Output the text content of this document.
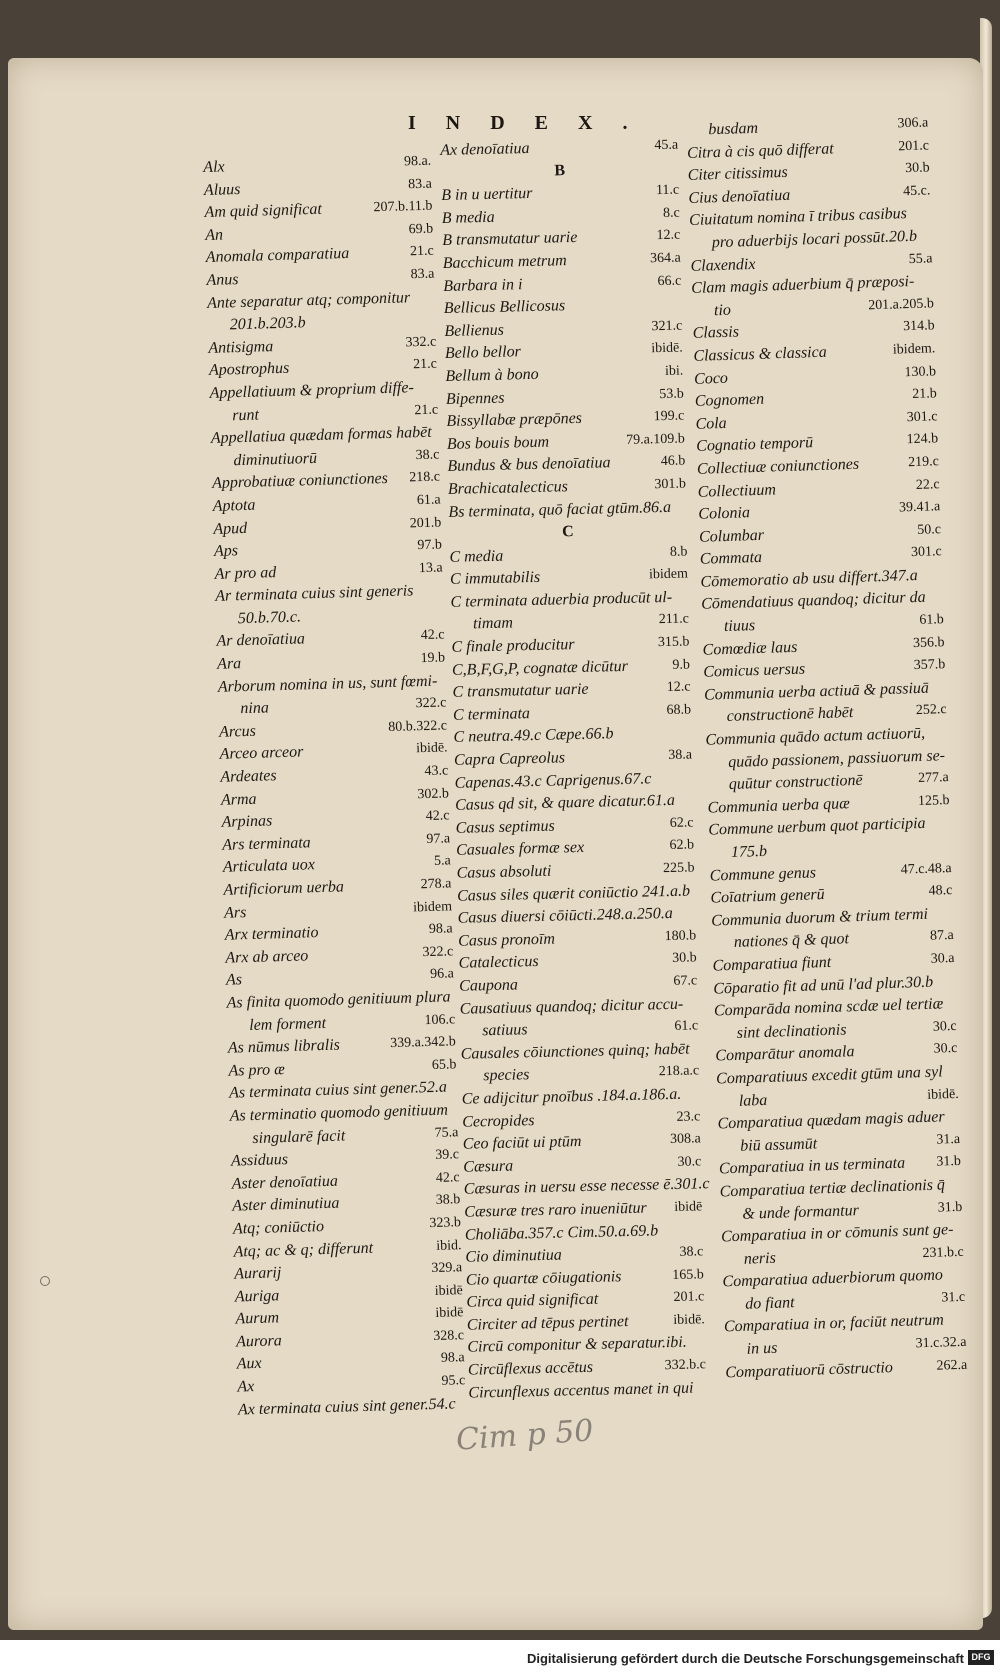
INDEX.
Alx	98.a.
Aluus	83.a
Am quid significat	207.b.11.b
An	69.b
Anomala comparatiua	21.c
Anus	83.a
Ante separatur atq; componitur
201.b.203.b
Antisigma	332.c
Apostrophus	21.c
Appellatiuum & proprium diffe-
runt	21.c
Appellatiua quædam formas habēt
diminutiuorū	38.c
Approbatiuæ coniunctiones 218.c
Aptota	61.a
Apud	201.b
Aps	97.b
Ar pro ad	13.a
Ar terminata cuius sint generis
50.b.70.c.
Ar denoīatiua	42.c
Ara	19.b
Arborum nomina in us, sunt fœmi-
nina	322.c
Arcus	80.b.322.c
Arceo arceor	ibidē.
Ardeates	43.c
Arma	302.b
Arpinas	42.c
Ars terminata	97.a
Articulata uox	5.a
Artificiorum uerba	278.a
Ars	ibidem
Arx terminatio	98.a
Arx ab arceo	322.c
As	96.a
As finita quomodo genitiuum plura
lem forment	106.c
As nūmus libralis	339.a.342.b
As pro æ	65.b
As terminata cuius sint gener.52.a
As terminatio quomodo genitiuum
singularē facit	75.a
Assiduus	39.c
Aster denoīatiua	42.c
Aster diminutiua	38.b
Atq; coniūctio	323.b
Atq; ac & q; differunt	ibid.
Aurarij	329.a
Auriga	ibidē
Aurum	ibidē
Aurora	328.c
Aux	98.a
Ax	95.c
Ax terminata cuius sint gener.54.c
Ax denoīatiua	45.a
B
B in u uertitur	11.c
B media	8.c
B transmutatur uarie	12.c
Bacchicum metrum	364.a
Barbara in i	66.c
Bellicus Bellicosus
Bellienus	321.c
Bello bellor	ibidē.
Bellum à bono	ibi.
Bipennes	53.b
Bissyllabæ præpōnes	199.c
Bos bouis boum	79.a.109.b
Bundus & bus denoīatiua	46.b
Brachicatalecticus	301.b
Bs terminata, quō faciat gtūm.86.a
C
C media	8.b
C immutabilis	ibidem
C terminata aduerbia producūt ul-
timam	211.c
C finale producitur	315.b
C,B,F,G,P, cognatæ dicūtur	9.b
C transmutatur uarie	12.c
C terminata	68.b
C neutra.49.c Cæpe.66.b
Capra Capreolus	38.a
Capenas.43.c Caprigenus.67.c
Casus qd sit, & quare dicatur.61.a
Casus septimus	62.c
Casuales formæ sex	62.b
Casus absoluti	225.b
Casus siles quærit coniūctio 241.a.b
Casus diuersi cōiūcti.248.a.250.a
Casus pronoīm	180.b
Catalecticus	30.b
Caupona	67.c
Causatiuus quandoq; dicitur accu-
satiuus	61.c
Causales cōiunctiones quinq; habēt
species	218.a.c
Ce adijcitur pnoībus .184.a.186.a.
Cecropides	23.c
Ceo faciūt ui ptūm	308.a
Cæsura	30.c
Cæsuras in uersu esse necesse ē.301.c
Cæsuræ tres raro inueniūtur ibidē
Choliāba.357.c Cim.50.a.69.b
Cio diminutiua	38.c
Cio quartæ cōiugationis	165.b
Circa quid significat	201.c
Circiter ad tēpus pertinet	ibidē.
Circū componitur & separatur.ibi.
Circūflexus accētus	332.b.c
Circunflexus accentus manet in qui
busdam	306.a
Citra à cis quō differat	201.c
Citer citissimus	30.b
Cius denoīatiua	45.c.
Ciuitatum nomina ī tribus casibus
pro aduerbijs locari possūt.20.b
Claxendix	55.a
Clam magis aduerbium q̄ præposi-
tio	201.a.205.b
Classis	314.b
Classicus & classica	ibidem.
Coco	130.b
Cognomen	21.b
Cola	301.c
Cognatio temporū	124.b
Collectiuæ coniunctiones	219.c
Collectiuum	22.c
Colonia	39.41.a
Columbar	50.c
Commata	301.c
Cōmemoratio ab usu differt.347.a
Cōmendatiuus quandoq; dicitur da
tiuus	61.b
Comœdiæ laus	356.b
Comicus uersus	357.b
Communia uerba actiuā & passiuā
constructionē habēt	252.c
Communia quādo actum actiuorū,
quādo passionem, passiuorum se-
quūtur constructionē	277.a
Communia uerba quæ	125.b
Commune uerbum quot participia
175.b
Commune genus	47.c.48.a
Coīatrium generū	48.c
Communia duorum & trium termi
nationes q̄ & quot	87.a
Comparatiua fiunt	30.a
Cōparatio fit ad unū l'ad plur.30.b
Comparāda nomina scdæ uel tertiæ
sint declinationis	30.c
Comparātur anomala	30.c
Comparatiuus excedit gtūm una syl
laba	ibidē.
Comparatiua quædam magis aduer
biū assumūt	31.a
Comparatiua in us terminata 31.b
Comparatiua tertiæ declinationis q̄
& unde formantur	31.b
Comparatiua in or cōmunis sunt ge-
neris	231.b.c
Comparatiua aduerbiorum quomo
do fiant	31.c
Comparatiua in or, faciūt neutrum
in us	31.c.32.a
Comparatiuorū cōstructio	262.a
Cim p 50
Digitalisierung gefördert durch die Deutsche Forschungsgemeinschaft DFG
